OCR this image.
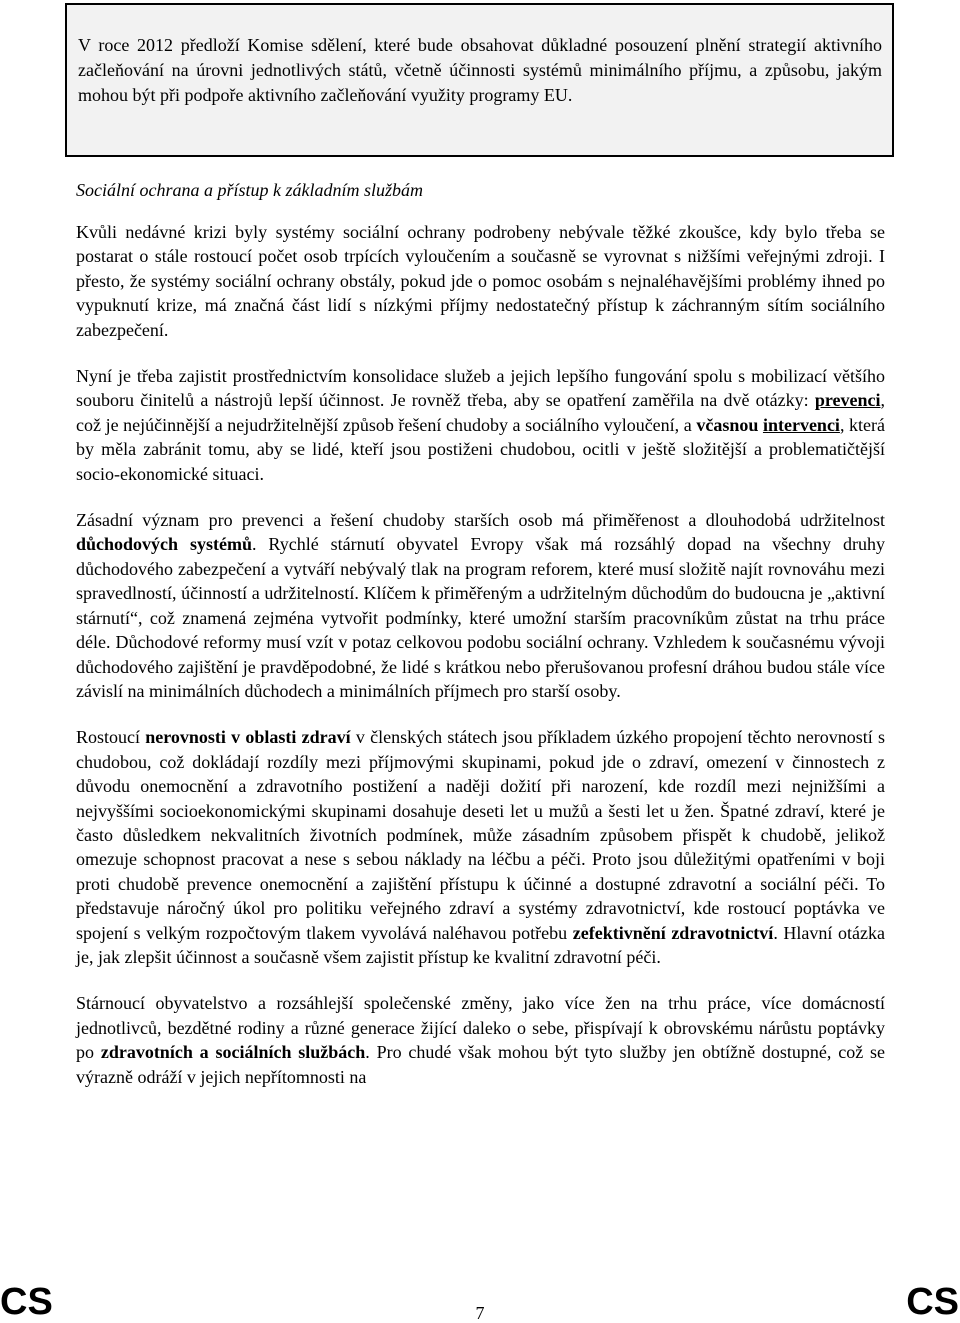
V roce 2012 předloží Komise sdělení, které bude obsahovat důkladné posouzení plnění strategií aktivního začleňování na úrovni jednotlivých států, včetně účinnosti systémů minimálního příjmu, a způsobu, jakým mohou být při podpoře aktivního začleňování využity programy EU.

Sociální ochrana a přístup k základním službám

Kvůli nedávné krizi byly systémy sociální ochrany podrobeny nebývale těžké zkoušce, kdy bylo třeba se postarat o stále rostoucí počet osob trpících vyloučením a současně se vyrovnat s nižšími veřejnými zdroji. I přesto, že systémy sociální ochrany obstály, pokud jde o pomoc osobám s nejnaléhavějšími problémy ihned po vypuknutí krize, má značná část lidí s nízkými příjmy nedostatečný přístup k záchranným sítím sociálního zabezpečení.

Nyní je třeba zajistit prostřednictvím konsolidace služeb a jejich lepšího fungování spolu s mobilizací většího souboru činitelů a nástrojů lepší účinnost. Je rovněž třeba, aby se opatření zaměřila na dvě otázky: prevenci, což je nejúčinnější a nejudržitelnější způsob řešení chudoby a sociálního vyloučení, a včasnou intervenci, která by měla zabránit tomu, aby se lidé, kteří jsou postiženi chudobou, ocitli v ještě složitější a problematičtější socio-ekonomické situaci.

Zásadní význam pro prevenci a řešení chudoby starších osob má přiměřenost a dlouhodobá udržitelnost důchodových systémů. Rychlé stárnutí obyvatel Evropy však má rozsáhlý dopad na všechny druhy důchodového zabezpečení a vytváří nebývalý tlak na program reforem, které musí složitě najít rovnováhu mezi spravedlností, účinností a udržitelností. Klíčem k přiměřeným a udržitelným důchodům do budoucna je „aktivní stárnutí“, což znamená zejména vytvořit podmínky, které umožní starším pracovníkům zůstat na trhu práce déle. Důchodové reformy musí vzít v potaz celkovou podobu sociální ochrany. Vzhledem k současnému vývoji důchodového zajištění je pravděpodobné, že lidé s krátkou nebo přerušovanou profesní dráhou budou stále více závislí na minimálních důchodech a minimálních příjmech pro starší osoby.

Rostoucí nerovnosti v oblasti zdraví v členských státech jsou příkladem úzkého propojení těchto nerovností s chudobou, což dokládají rozdíly mezi příjmovými skupinami, pokud jde o zdraví, omezení v činnostech z důvodu onemocnění a zdravotního postižení a naději dožití při narození, kde rozdíl mezi nejnižšími a nejvyššími socioekonomickými skupinami dosahuje deseti let u mužů a šesti let u žen. Špatné zdraví, které je často důsledkem nekvalitních životních podmínek, může zásadním způsobem přispět k chudobě, jelikož omezuje schopnost pracovat a nese s sebou náklady na léčbu a péči. Proto jsou důležitými opatřeními v boji proti chudobě prevence onemocnění a zajištění přístupu k účinné a dostupné zdravotní a sociální péči. To představuje náročný úkol pro politiku veřejného zdraví a systémy zdravotnictví, kde rostoucí poptávka ve spojení s velkým rozpočtovým tlakem vyvolává naléhavou potřebu zefektivnění zdravotnictví. Hlavní otázka je, jak zlepšit účinnost a současně všem zajistit přístup ke kvalitní zdravotní péči.

Stárnoucí obyvatelstvo a rozsáhlejší společenské změny, jako více žen na trhu práce, více domácností jednotlivců, bezdětné rodiny a různé generace žijící daleko o sebe, přispívají k obrovskému nárůstu poptávky po zdravotních a sociálních službách. Pro chudé však mohou být tyto služby jen obtížně dostupné, což se výrazně odráží v jejich nepřítomnosti na

CS	7	CS
